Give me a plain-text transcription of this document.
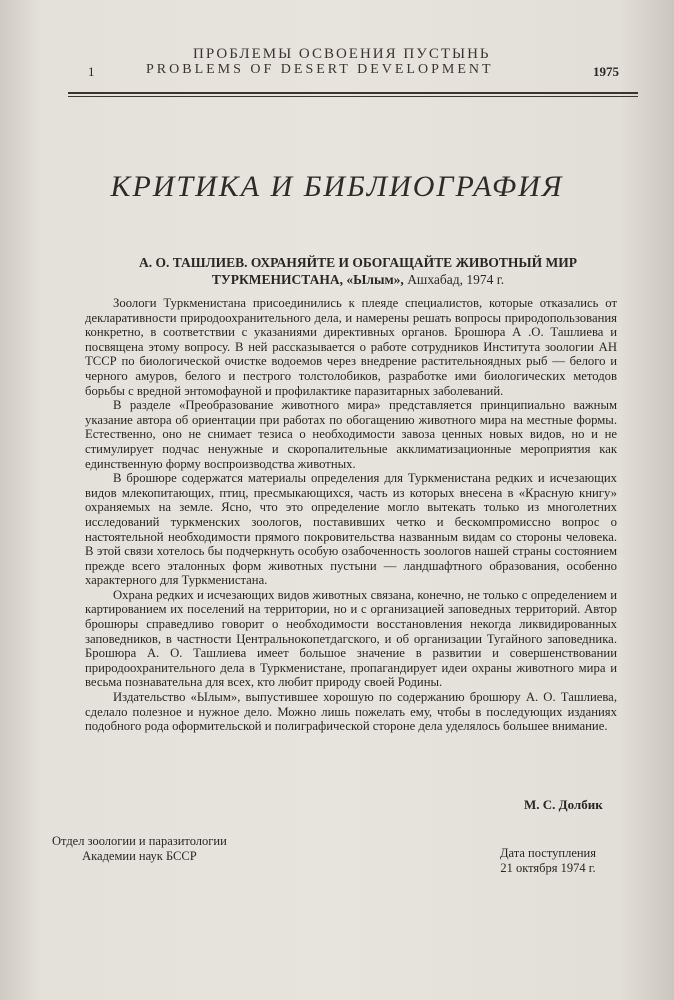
ПРОБЛЕМЫ ОСВОЕНИЯ ПУСТЫНЬ
1	PROBLEMS OF DESERT DEVELOPMENT	1975
КРИТИКА И БИБЛИОГРАФИЯ
А. О. ТАШЛИЕВ. ОХРАНЯЙТЕ И ОБОГАЩАЙТЕ ЖИВОТНЫЙ МИР ТУРКМЕНИСТАНА, «Ылым», Ашхабад, 1974 г.

Зоологи Туркменистана присоединились к плеяде специалистов, которые отказались от декларативности природоохранительного дела, и намерены решать вопросы природопользования конкретно, в соответствии с указаниями директивных органов. Брошюра А .О. Ташлиева и посвящена этому вопросу. В ней рассказывается о работе сотрудников Института зоологии АН ТССР по биологической очистке водоемов через внедрение растительноядных рыб — белого и черного амуров, белого и пестрого толстолобиков, разработке ими биологических методов борьбы с вредной энтомофауной и профилактике паразитарных заболеваний.

В разделе «Преобразование животного мира» представляется принципиально важным указание автора об ориентации при работах по обогащению животного мира на местные формы. Естественно, оно не снимает тезиса о необходимости завоза ценных новых видов, но и не стимулирует подчас ненужные и скоропалительные акклиматизационные мероприятия как единственную форму воспроизводства животных.

В брошюре содержатся материалы определения для Туркменистана редких и исчезающих видов млекопитающих, птиц, пресмыкающихся, часть из которых внесена в «Красную книгу» охраняемых на земле. Ясно, что это определение могло вытекать только из многолетних исследований туркменских зоологов, поставивших четко и бескомпромиссно вопрос о настоятельной необходимости прямого покровительства названным видам со стороны человека. В этой связи хотелось бы подчеркнуть особую озабоченность зоологов нашей страны состоянием прежде всего эталонных форм животных пустыни — ландшафтного образования, особенно характерного для Туркменистана.

Охрана редких и исчезающих видов животных связана, конечно, не только с определением и картированием их поселений на территории, но и с организацией заповедных территорий. Автор брошюры справедливо говорит о необходимости восстановления некогда ликвидированных заповедников, в частности Центральнокопетдагского, и об организации Тугайного заповедника. Брошюра А. О. Ташлиева имеет большое значение в развитии и совершенствовании природоохранительного дела в Туркменистане, пропагандирует идеи охраны животного мира и весьма познавательна для всех, кто любит природу своей Родины.

Издательство «Ылым», выпустившее хорошую по содержанию брошюру А. О. Ташлиева, сделало полезное и нужное дело. Можно лишь пожелать ему, чтобы в последующих изданиях подобного рода оформительской и полиграфической стороне дела уделялось большее внимание.

М. С. Долбик
Отдел зоологии и паразитологии
Академии наук БССР	Дата поступления
21 октября 1974 г.
